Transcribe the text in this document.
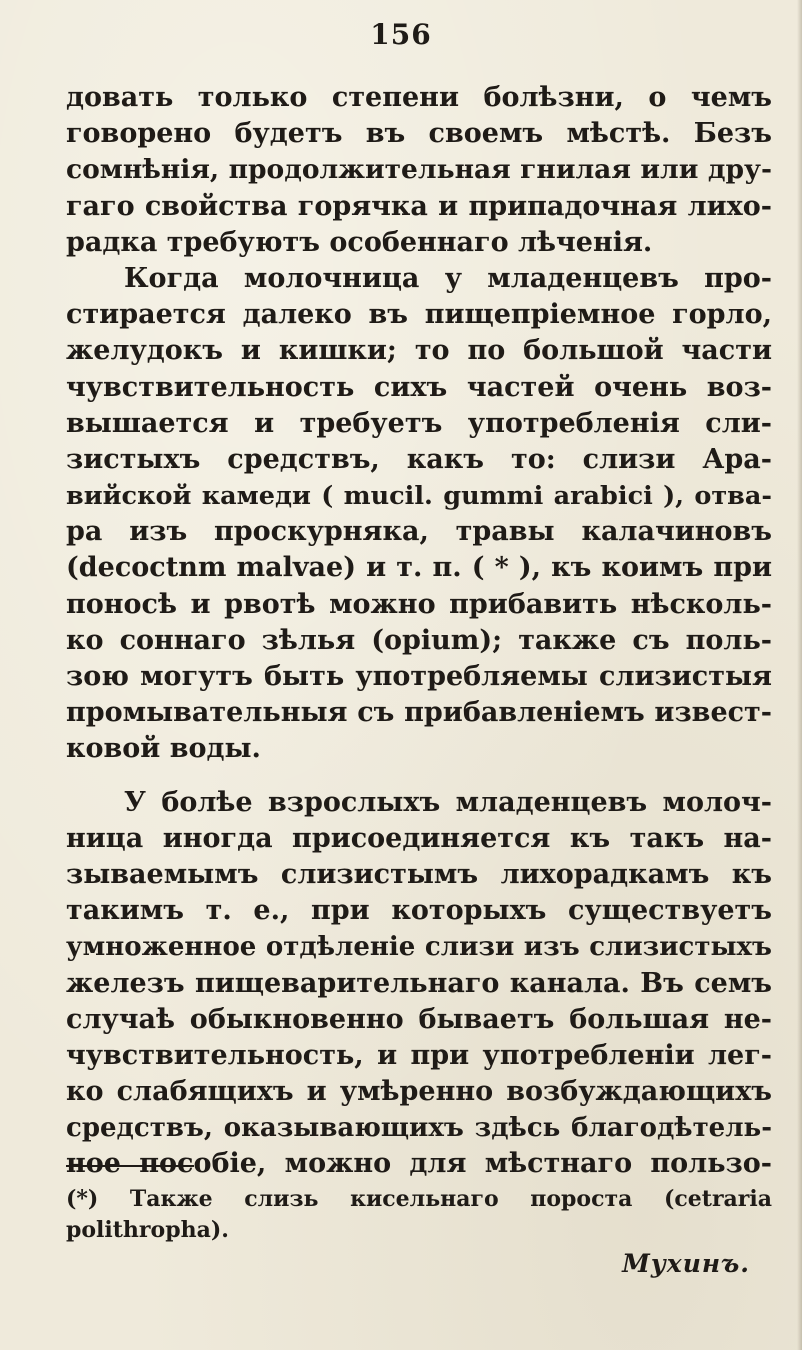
156
довать только степени болѣзни, о чемъ
говорено будетъ въ своемъ мѣстѣ. Безъ
сомнѣнія, продолжительная гнилая или дру-
гаго свойства горячка и припадочная лихо-
радка требуютъ особеннаго лѣченія.
Когда молочница у младенцевъ про-
стирается далеко въ пищепріемное горло,
желудокъ и кишки; то по большой части
чувствительность сихъ частей очень воз-
вышается и требуетъ употребленія сли-
зистыхъ средствъ, какъ то: слизи Ара-
вийской камеди ( mucil. gummi arabici ), отва-
ра изъ проскурняка, травы калачиновъ
(decoctnm malvae) и т. п. ( * ), къ коимъ при
поносѣ и рвотѣ можно прибавить нѣсколь-
ко соннаго зѣлья (opium); также съ поль-
зою могутъ быть употребляемы слизистыя
промывательныя съ прибавленіемъ извест-
ковой воды.
У болѣе взрослыхъ младенцевъ молоч-
ница иногда присоединяется къ такъ на-
зываемымъ слизистымъ лихорадкамъ къ
такимъ т. е., при которыхъ существуетъ
умноженное отдѣленіе слизи изъ слизистыхъ
железъ пищеварительнаго канала. Въ семъ
случаѣ обыкновенно бываетъ большая не-
чувствительность, и при употребленіи лег-
ко слабящихъ и умѣренно возбуждающихъ
средствъ, оказывающихъ здѣсь благодѣтель-
ное пособіе, можно для мѣстнаго пользо-
(*) Также слизь кисельнаго пороста (cetraria
polithropha).
Мухинъ.
